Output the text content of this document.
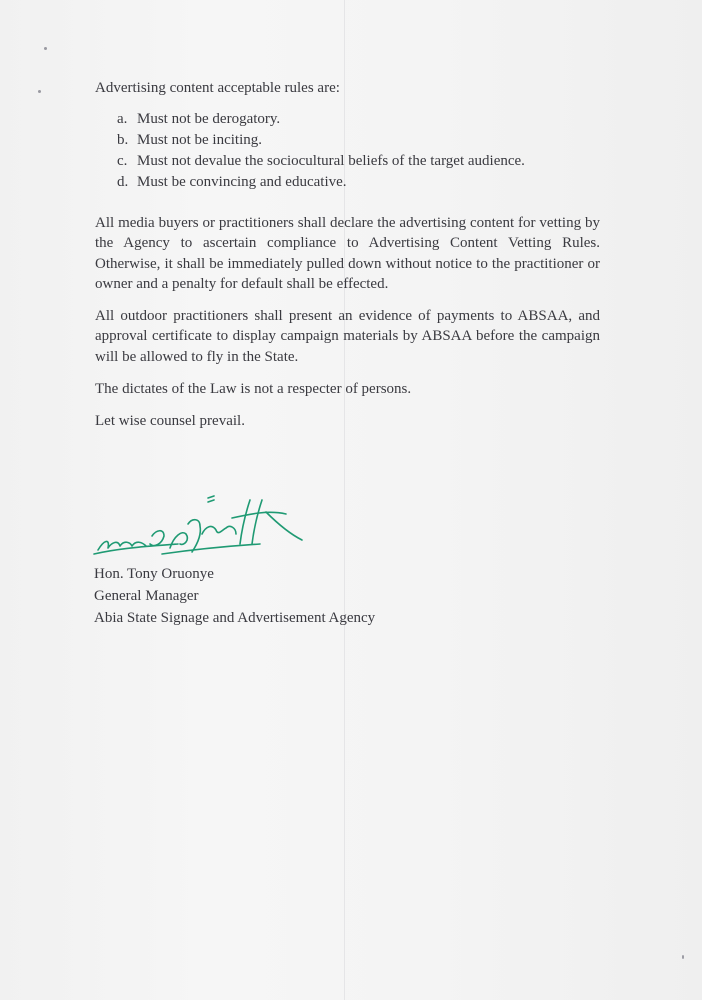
Advertising content acceptable rules are:

a. Must not be derogatory.
b. Must not be inciting.
c. Must not devalue the sociocultural beliefs of the target audience.
d. Must be convincing and educative.

All media buyers or practitioners shall declare the advertising content for vetting by the Agency to ascertain compliance to Advertising Content Vetting Rules. Otherwise, it shall be immediately pulled down without notice to the practitioner or owner and a penalty for default shall be effected.

All outdoor practitioners shall present an evidence of payments to ABSAA, and approval certificate to display campaign materials by ABSAA before the campaign will be allowed to fly in the State.

The dictates of the Law is not a respecter of persons.

Let wise counsel prevail.

Hon. Tony Oruonye

General Manager

Abia State Signage and Advertisement Agency
